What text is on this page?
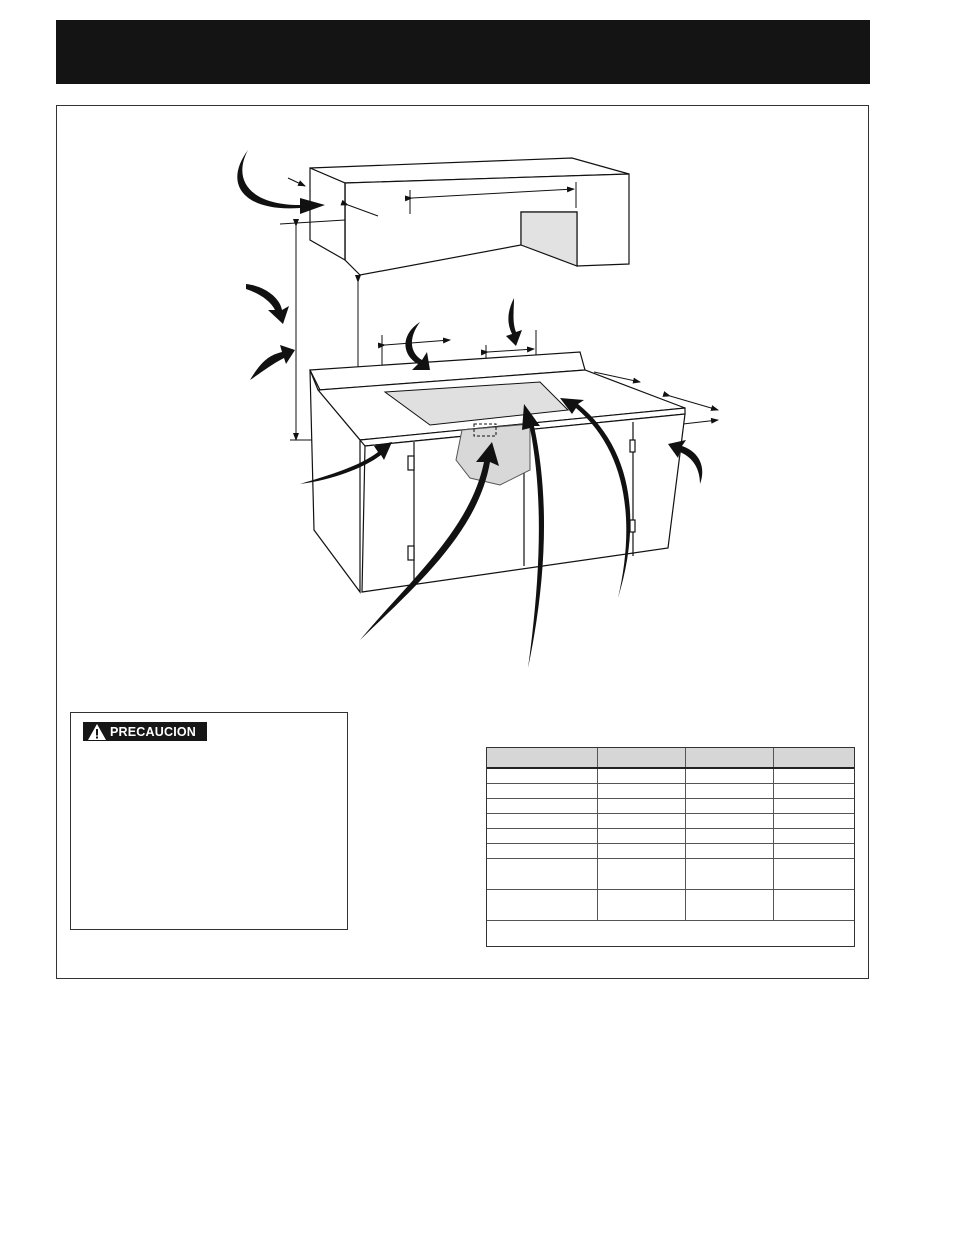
PRECAUCION
